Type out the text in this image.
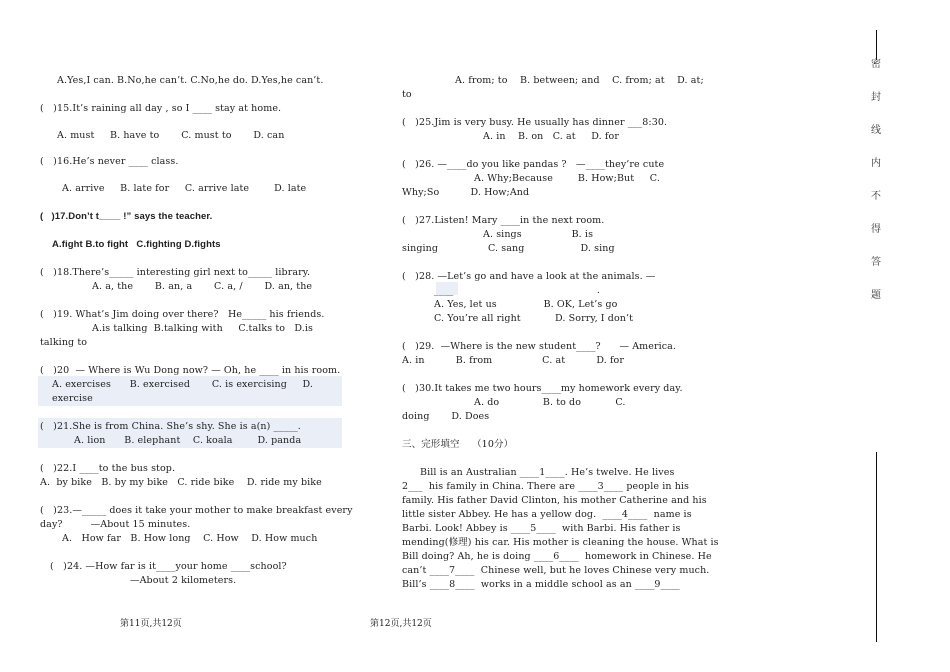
A.Yes,I can. B.No,he can’t. C.No,he do. D.Yes,he can’t.
(   )15.It’s raining all day , so I ____ stay at home.
A. must     B. have to       C. must to       D. can
(   )16.He’s never ____ class.
A. arrive     B. late for     C. arrive late        D. late
(   )17.Don’t t____ !” says the teacher.
A.fight B.to fight   C.fighting D.fights
(   )18.There’s_____ interesting girl next to_____ library.
A. a, the       B. an, a       C. a, /       D. an, the
(   )19. What’s Jim doing over there?   He_____ his friends.
A.is talking  B.talking with     C.talks to   D.is
talking to
(   )20  — Where is Wu Dong now? — Oh, he ____ in his room.
A. exercises      B. exercised       C. is exercising     D.
exercise
(   )21.She is from China. She’s shy. She is a(n) _____.
A. lion      B. elephant    C. koala        D. panda
(   )22.I ____to the bus stop.
A.  by bike   B. by my bike   C. ride bike    D. ride my bike
(   )23.—_____ does it take your mother to make breakfast every
day?         —About 15 minutes.
A.   How far   B. How long    C. How    D. How much
(   )24. —How far is it____your home ____school?
—About 2 kilometers.
A. from; to    B. between; and    C. from; at    D. at;
to
(   )25.Jim is very busy. He usually has dinner ___8:30.
A. in    B. on   C. at     D. for
(   )26. —____do you like pandas ?   —____they’re cute
A. Why;Because        B. How;But     C.
Why;So          D. How;And
(   )27.Listen! Mary ____in the next room.
A. sings                B. is
singing                C. sang                  D. sing
(   )28. —Let’s go and have a look at the animals. —
____                                              .
A. Yes, let us               B. OK, Let’s go
C. You’re all right           D. Sorry, I don’t
(   )29.  —Where is the new student____?      — America.
A. in          B. from                C. at          D. for
(   )30.It takes me two hours____my homework every day.
A. do              B. to do           C.
doing       D. Does
三、完形填空    （10分）
Bill is an Australian ____1____. He’s twelve. He lives
2___  his family in China. There are ____3____ people in his
family. His father David Clinton, his mother Catherine and his
little sister Abbey. He has a yellow dog.  ____4____  name is
Barbi. Look! Abbey is ____5____  with Barbi. His father is
mending(修理) his car. His mother is cleaning the house. What is
Bill doing? Ah, he is doing ____6____  homework in Chinese. He
can’t ____7____  Chinese well, but he loves Chinese very much.
Bill’s ____8____  works in a middle school as an ____9____
密
封
线
内
不
得
答
题
第11页,共12页	第12页,共12页
